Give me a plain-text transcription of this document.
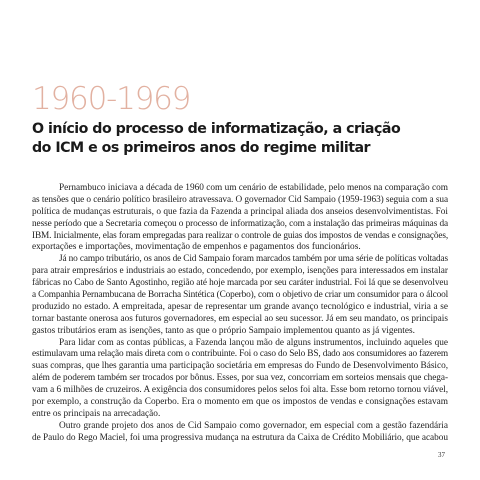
1960-1969
O início do processo de informatização, a criação
do ICM e os primeiros anos do regime militar
Pernambuco iniciava a década de 1960 com um cenário de estabilidade, pelo menos na comparação com
as tensões que o cenário político brasileiro atravessava. O governador Cid Sampaio (1959-1963) seguia com a sua
política de mudanças estruturais, o que fazia da Fazenda a principal aliada dos anseios desenvolvimentistas. Foi
nesse período que a Secretaria começou o processo de informatização, com a instalação das primeiras máquinas da
IBM. Inicialmente, elas foram empregadas para realizar o controle de guias dos impostos de vendas e consignações,
exportações e importações, movimentação de empenhos e pagamentos dos funcionários.
Já no campo tributário, os anos de Cid Sampaio foram marcados também por uma série de políticas voltadas
para atrair empresários e industriais ao estado, concedendo, por exemplo, isenções para interessados em instalar
fábricas no Cabo de Santo Agostinho, região até hoje marcada por seu caráter industrial. Foi lá que se desenvolveu
a Companhia Pernambucana de Borracha Sintética (Coperbo), com o objetivo de criar um consumidor para o álcool
produzido no estado. A empreitada, apesar de representar um grande avanço tecnológico e industrial, viria a se
tornar bastante onerosa aos futuros governadores, em especial ao seu sucessor. Já em seu mandato, os principais
gastos tributários eram as isenções, tanto as que o próprio Sampaio implementou quanto as já vigentes.
Para lidar com as contas públicas, a Fazenda lançou mão de alguns instrumentos, incluindo aqueles que
estimulavam uma relação mais direta com o contribuinte. Foi o caso do Selo BS, dado aos consumidores ao fazerem
suas compras, que lhes garantia uma participação societária em empresas do Fundo de Desenvolvimento Básico,
além de poderem também ser trocados por bônus. Esses, por sua vez, concorriam em sorteios mensais que chega-
vam a 6 milhões de cruzeiros. A exigência dos consumidores pelos selos foi alta. Esse bom retorno tornou viável,
por exemplo, a construção da Coperbo. Era o momento em que os impostos de vendas e consignações estavam
entre os principais na arrecadação.
Outro grande projeto dos anos de Cid Sampaio como governador, em especial com a gestão fazendária
de Paulo do Rego Maciel, foi uma progressiva mudança na estrutura da Caixa de Crédito Mobiliário, que acabou
37
